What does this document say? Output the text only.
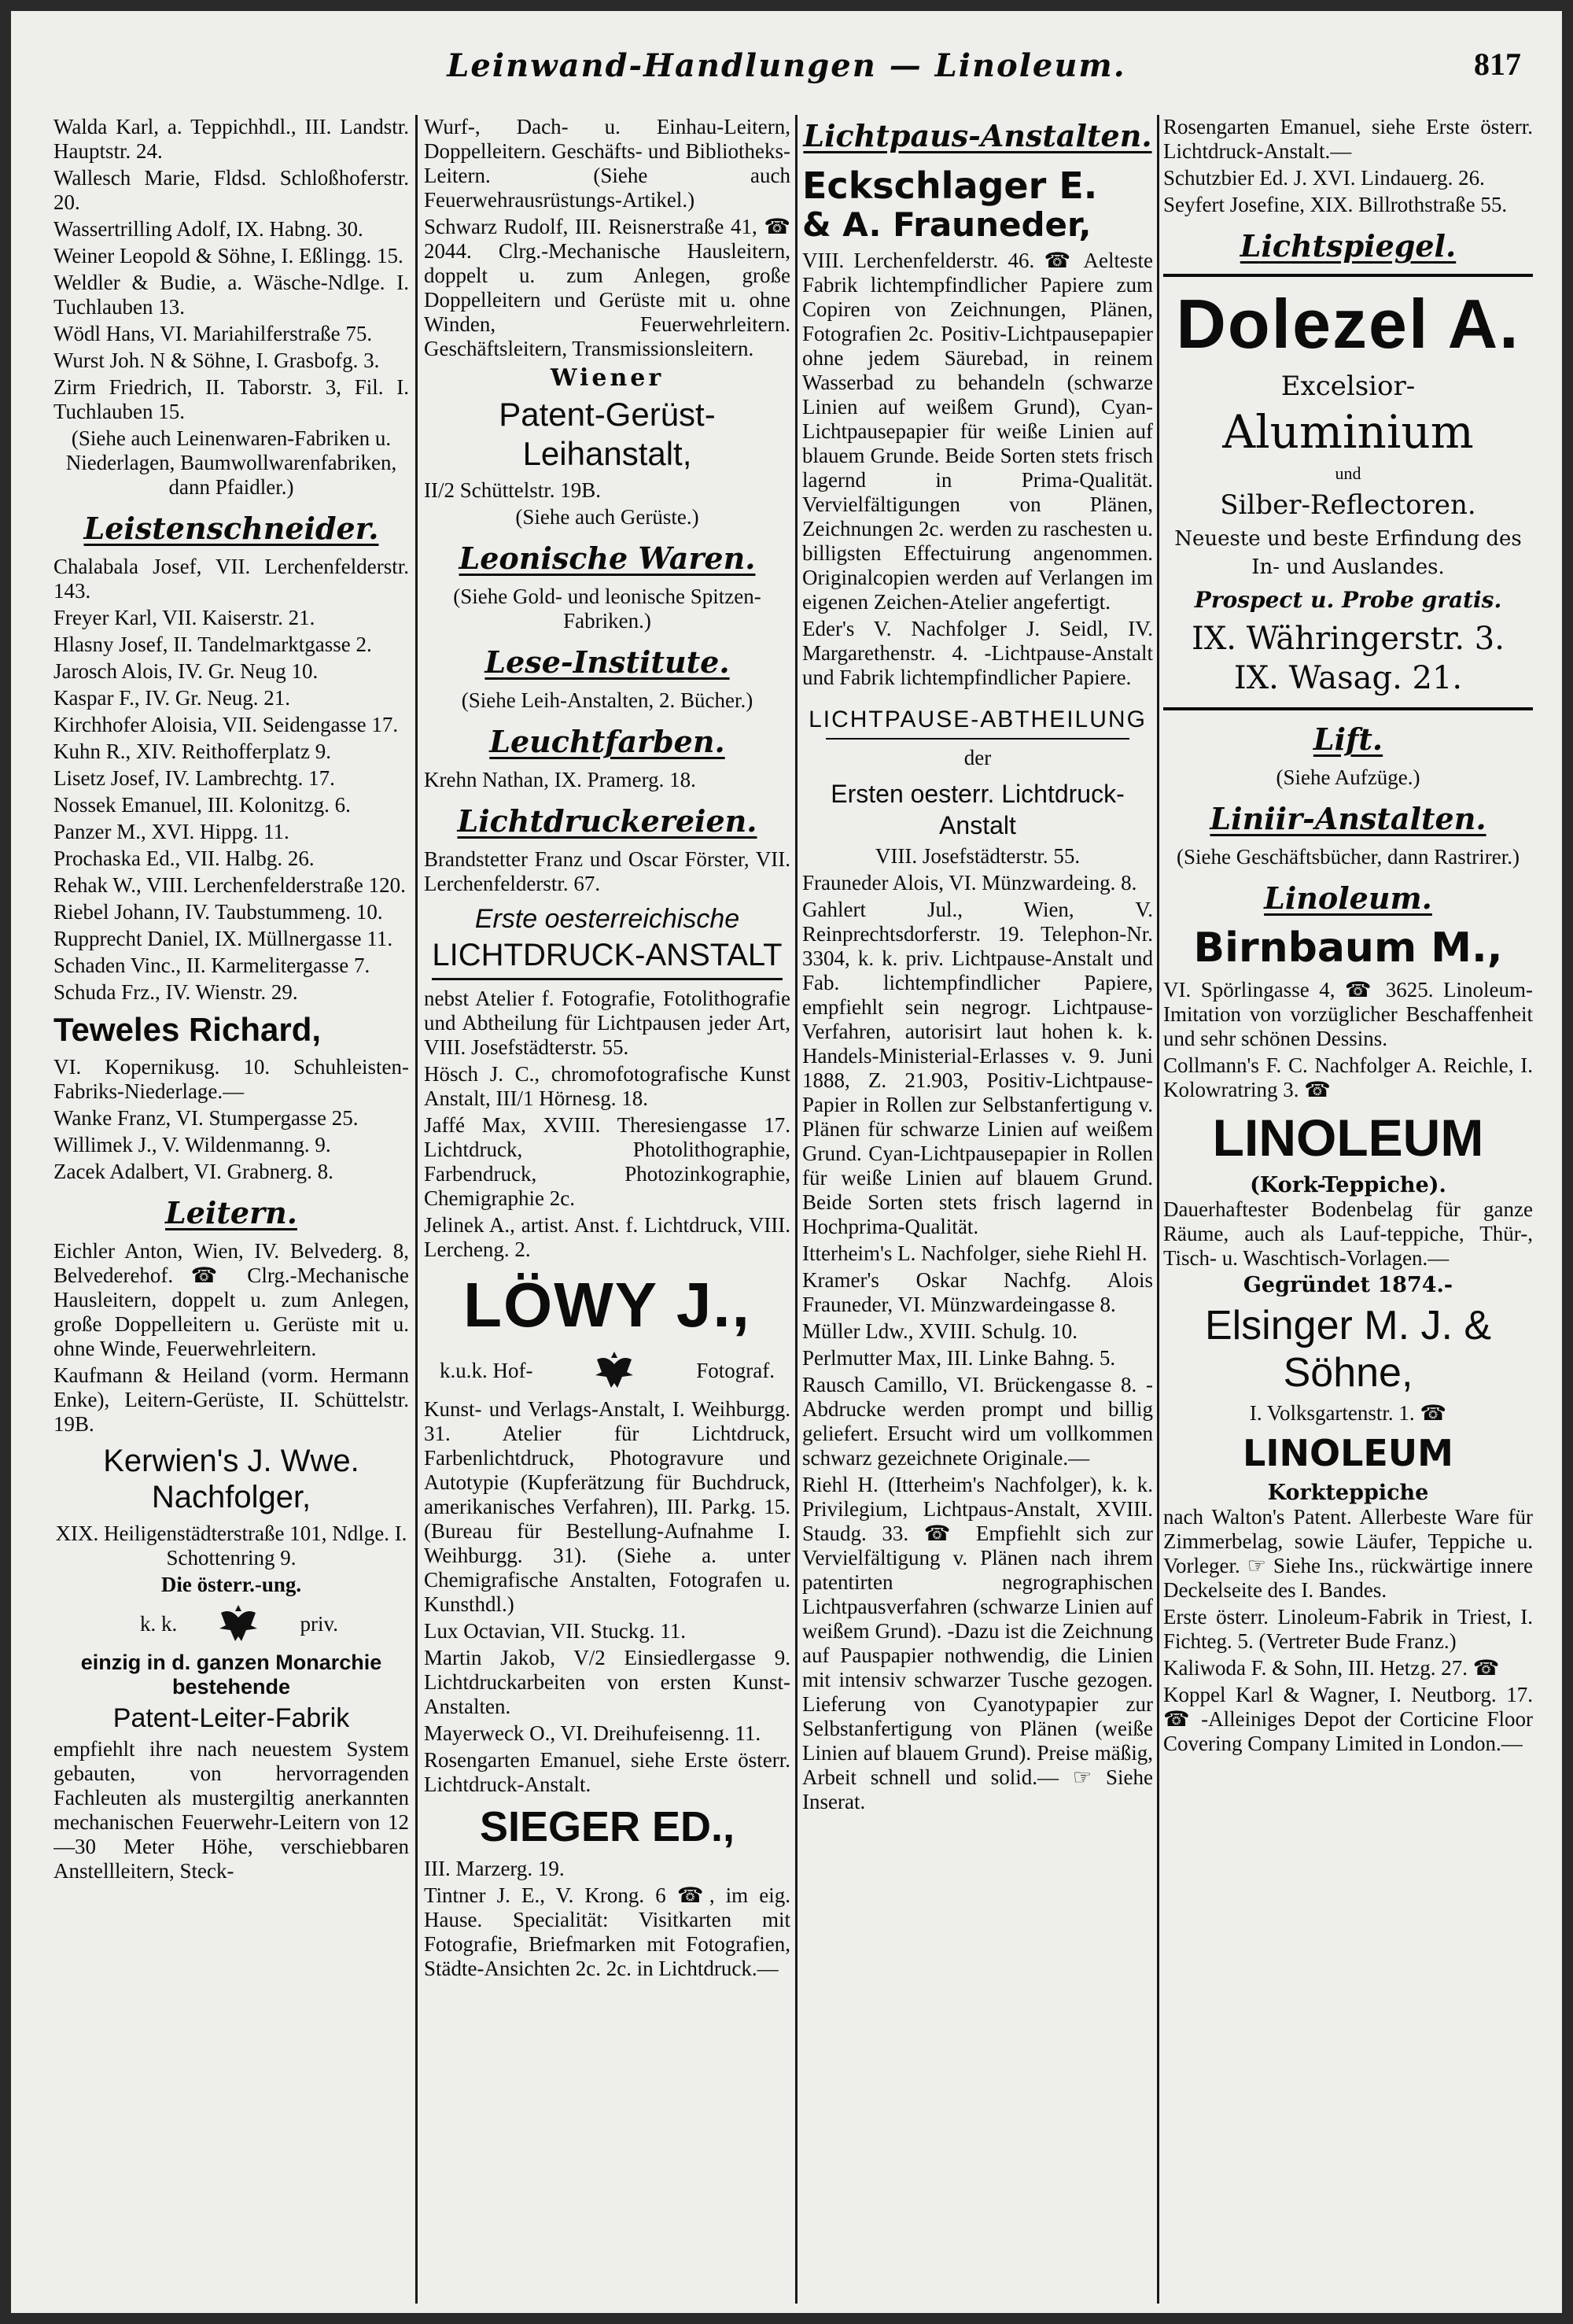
Leinwand-Handlungen — Linoleum.	817

Walda Karl, a. Teppichhdl., III. Landstr. Hauptstr. 24.

Wallesch Marie, Fldsd. Schloßhoferstr. 20.

Wassertrilling Adolf, IX. Habng. 30.

Weiner Leopold & Söhne, I. Eßlingg. 15.

Weldler & Budie, a. Wäsche-Ndlge. I. Tuchlauben 13.

Wödl Hans, VI. Mariahilferstraße 75.

Wurst Joh. N & Söhne, I. Grasbofg. 3.

Zirm Friedrich, II. Taborstr. 3, Fil. I. Tuchlauben 15.

(Siehe auch Leinenwaren-Fabriken u. Niederlagen, Baumwollwarenfabriken, dann Pfaidler.)

Leistenschneider.

Chalabala Josef, VII. Lerchenfelderstr. 143.

Freyer Karl, VII. Kaiserstr. 21.

Hlasny Josef, II. Tandelmarktgasse 2.

Jarosch Alois, IV. Gr. Neug 10.

Kaspar F., IV. Gr. Neug. 21.

Kirchhofer Aloisia, VII. Seidengasse 17.

Kuhn R., XIV. Reithofferplatz 9.

Lisetz Josef, IV. Lambrechtg. 17.

Nossek Emanuel, III. Kolonitzg. 6.

Panzer M., XVI. Hippg. 11.

Prochaska Ed., VII. Halbg. 26.

Rehak W., VIII. Lerchenfelderstraße 120.

Riebel Johann, IV. Taubstummeng. 10.

Rupprecht Daniel, IX. Müllnergasse 11.

Schaden Vinc., II. Karmelitergasse 7.

Schuda Frz., IV. Wienstr. 29.

Teweles Richard,

VI. Kopernikusg. 10. Schuhleisten-Fabriks-Niederlage.—

Wanke Franz, VI. Stumpergasse 25.

Willimek J., V. Wildenmanng. 9.

Zacek Adalbert, VI. Grabnerg. 8.

Leitern.

Eichler Anton, Wien, IV. Belvederg. 8, Belvederehof. ☎ Clrg.-Mechanische Hausleitern, doppelt u. zum Anlegen, große Doppelleitern u. Gerüste mit u. ohne Winde, Feuerwehrleitern.

Kaufmann & Heiland (vorm. Hermann Enke), Leitern-Gerüste, II. Schüttelstr. 19B.

Kerwien's J. Wwe. Nachfolger,

XIX. Heiligenstädterstraße 101, Ndlge. I. Schottenring 9.

Die österr.-ung.

k. k.	priv.

einzig in d. ganzen Monarchie bestehende

Patent-Leiter-Fabrik

empfiehlt ihre nach neuestem System gebauten, von hervorragenden Fachleuten als mustergiltig anerkannten mechanischen Feuerwehr-Leitern von 12—30 Meter Höhe, verschiebbaren Anstellleitern, Steck-

Wurf-, Dach- u. Einhau-Leitern, Doppelleitern. Geschäfts- und Bibliotheks-Leitern. (Siehe auch Feuerwehrausrüstungs-Artikel.)

Schwarz Rudolf, III. Reisnerstraße 41, ☎ 2044. Clrg.-Mechanische Hausleitern, doppelt u. zum Anlegen, große Doppelleitern und Gerüste mit u. ohne Winden, Feuerwehrleitern. Geschäftsleitern, Transmissionsleitern.

Wiener
Patent-Gerüst-Leihanstalt,

II/2 Schüttelstr. 19B.

(Siehe auch Gerüste.)

Leonische Waren.

(Siehe Gold- und leonische Spitzen-Fabriken.)

Lese-Institute.

(Siehe Leih-Anstalten, 2. Bücher.)

Leuchtfarben.

Krehn Nathan, IX. Pramerg. 18.

Lichtdruckereien.

Brandstetter Franz und Oscar Förster, VII. Lerchenfelderstr. 67.

Erste oesterreichische
LICHTDRUCK-ANSTALT

nebst Atelier f. Fotografie, Fotolithografie und Abtheilung für Lichtpausen jeder Art, VIII. Josefstädterstr. 55.

Hösch J. C., chromofotografische Kunst Anstalt, III/1 Hörnesg. 18.

Jaffé Max, XVIII. Theresiengasse 17. Lichtdruck, Photolithographie, Farbendruck, Photozinkographie, Chemigraphie 2c.

Jelinek A., artist. Anst. f. Lichtdruck, VIII. Lercheng. 2.

LÖWY J.,
k.u.k. Hof-	Fotograf.

Kunst- und Verlags-Anstalt, I. Weihburgg. 31. Atelier für Lichtdruck, Farbenlichtdruck, Photogravure und Autotypie (Kupferätzung für Buchdruck, amerikanisches Verfahren), III. Parkg. 15. (Bureau für Bestellung-Aufnahme I. Weihburgg. 31). (Siehe a. unter Chemigrafische Anstalten, Fotografen u. Kunsthdl.)

Lux Octavian, VII. Stuckg. 11.

Martin Jakob, V/2 Einsiedlergasse 9. Lichtdruckarbeiten von ersten Kunst-Anstalten.

Mayerweck O., VI. Dreihufeisenng. 11.

Rosengarten Emanuel, siehe Erste österr. Lichtdruck-Anstalt.

SIEGER ED.,

III. Marzerg. 19.

Tintner J. E., V. Krong. 6 ☎, im eig. Hause. Specialität: Visitkarten mit Fotografie, Briefmarken mit Fotografien, Städte-Ansichten 2c. 2c. in Lichtdruck.—

Lichtpaus-Anstalten.
Eckschlager E.
& A. Frauneder,

VIII. Lerchenfelderstr. 46. ☎ Aelteste Fabrik lichtempfindlicher Papiere zum Copiren von Zeichnungen, Plänen, Fotografien 2c. Positiv-Lichtpausepapier ohne jedem Säurebad, in reinem Wasserbad zu behandeln (schwarze Linien auf weißem Grund), Cyan-Lichtpausepapier für weiße Linien auf blauem Grunde. Beide Sorten stets frisch lagernd in Prima-Qualität. Vervielfältigungen von Plänen, Zeichnungen 2c. werden zu raschesten u. billigsten Effectuirung angenommen. Originalcopien werden auf Verlangen im eigenen Zeichen-Atelier angefertigt.

Eder's V. Nachfolger J. Seidl, IV. Margarethenstr. 4. -Lichtpause-Anstalt und Fabrik lichtempfindlicher Papiere.

LICHTPAUSE-ABTHEILUNG
der
Ersten oesterr. Lichtdruck-Anstalt

VIII. Josefstädterstr. 55.

Frauneder Alois, VI. Münzwardeing. 8.

Gahlert Jul., Wien, V. Reinprechtsdorferstr. 19. Telephon-Nr. 3304, k. k. priv. Lichtpause-Anstalt und Fab. lichtempfindlicher Papiere, empfiehlt sein negrogr. Lichtpause-Verfahren, autorisirt laut hohen k. k. Handels-Ministerial-Erlasses v. 9. Juni 1888, Z. 21.903, Positiv-Lichtpause-Papier in Rollen zur Selbstanfertigung v. Plänen für schwarze Linien auf weißem Grund. Cyan-Lichtpausepapier in Rollen für weiße Linien auf blauem Grund. Beide Sorten stets frisch lagernd in Hochprima-Qualität.

Itterheim's L. Nachfolger, siehe Riehl H.

Kramer's Oskar Nachfg. Alois Frauneder, VI. Münzwardeingasse 8.

Müller Ldw., XVIII. Schulg. 10.

Perlmutter Max, III. Linke Bahng. 5.

Rausch Camillo, VI. Brückengasse 8. -Abdrucke werden prompt und billig geliefert. Ersucht wird um vollkommen schwarz gezeichnete Originale.—

Riehl H. (Itterheim's Nachfolger), k. k. Privilegium, Lichtpaus-Anstalt, XVIII. Staudg. 33. ☎ Empfiehlt sich zur Vervielfältigung v. Plänen nach ihrem patentirten negrographischen Lichtpausverfahren (schwarze Linien auf weißem Grund). -Dazu ist die Zeichnung auf Pauspapier nothwendig, die Linien mit intensiv schwarzer Tusche gezogen. Lieferung von Cyanotypapier zur Selbstanfertigung von Plänen (weiße Linien auf blauem Grund). Preise mäßig, Arbeit schnell und solid.— ☞ Siehe Inserat.

Rosengarten Emanuel, siehe Erste österr. Lichtdruck-Anstalt.—

Schutzbier Ed. J. XVI. Lindauerg. 26.

Seyfert Josefine, XIX. Billrothstraße 55.

Lichtspiegel.
Dolezel A.
Excelsior-
Aluminium
und
Silber-Reflectoren.
Neueste und beste Erfindung des In- und Auslandes.
Prospect u. Probe gratis.
IX. Währingerstr. 3.
IX. Wasag. 21.
Lift.

(Siehe Aufzüge.)

Liniir-Anstalten.

(Siehe Geschäftsbücher, dann Rastrirer.)

Linoleum.
Birnbaum M.,

VI. Spörlingasse 4, ☎ 3625. Linoleum-Imitation von vorzüglicher Beschaffenheit und sehr schönen Dessins.

Collmann's F. C. Nachfolger A. Reichle, I. Kolowratring 3. ☎

LINOLEUM
(Kork-Teppiche).

Dauerhaftester Bodenbelag für ganze Räume, auch als Lauf-teppiche, Thür-, Tisch- u. Waschtisch-Vorlagen.—

Gegründet 1874.-

Elsinger M. J. & Söhne,

I. Volksgartenstr. 1. ☎

LINOLEUM
Korkteppiche

nach Walton's Patent. Allerbeste Ware für Zimmerbelag, sowie Läufer, Teppiche u. Vorleger. ☞ Siehe Ins., rückwärtige innere Deckelseite des I. Bandes.

Erste österr. Linoleum-Fabrik in Triest, I. Fichteg. 5. (Vertreter Bude Franz.)

Kaliwoda F. & Sohn, III. Hetzg. 27. ☎

Koppel Karl & Wagner, I. Neutborg. 17. ☎ -Alleiniges Depot der Corticine Floor Covering Company Limited in London.—
